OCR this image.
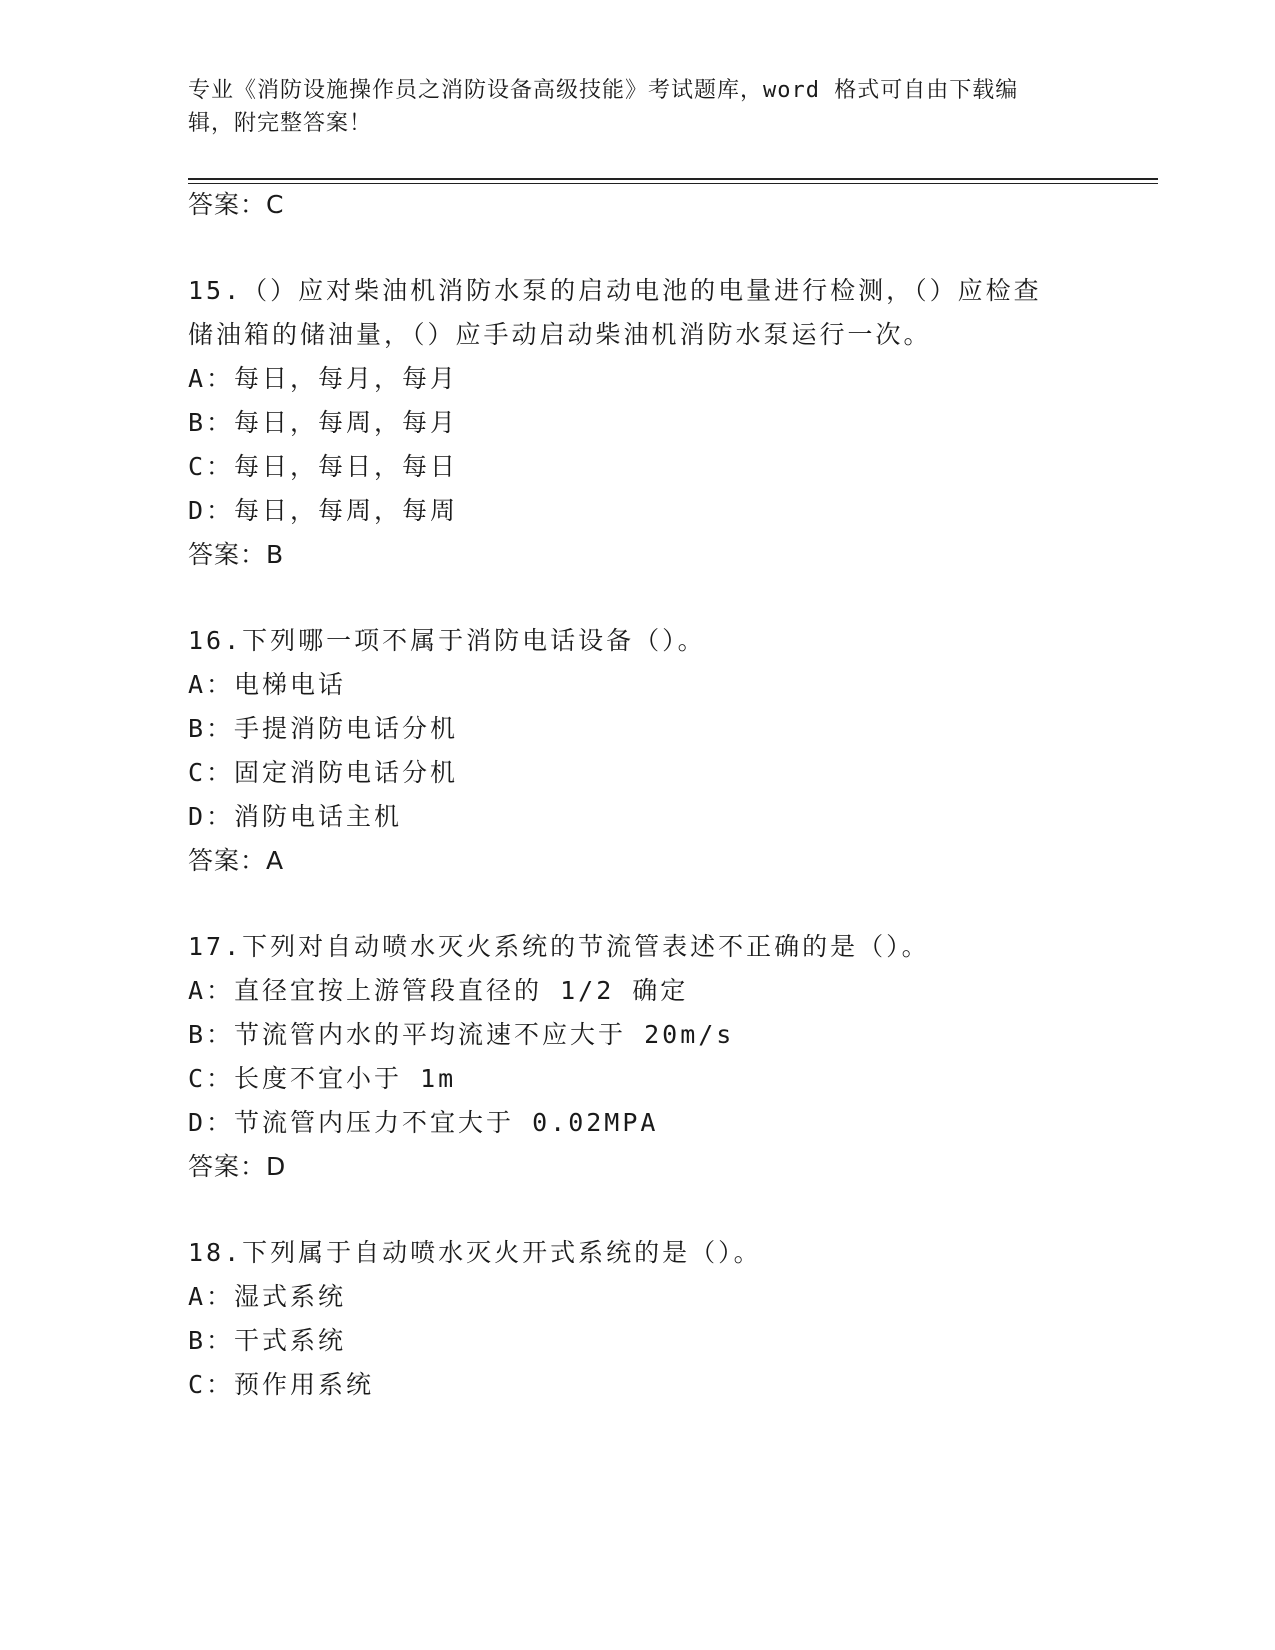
专业《消防设施操作员之消防设备高级技能》考试题库，word 格式可自由下载编
辑，附完整答案！
答案：C
15.（）应对柴油机消防水泵的启动电池的电量进行检测，（）应检查
储油箱的储油量，（）应手动启动柴油机消防水泵运行一次。
A：每日，每月，每月
B：每日，每周，每月
C：每日，每日，每日
D：每日，每周，每周
答案：B
16.下列哪一项不属于消防电话设备（）。
A：电梯电话
B：手提消防电话分机
C：固定消防电话分机
D：消防电话主机
答案：A
17.下列对自动喷水灭火系统的节流管表述不正确的是（）。
A：直径宜按上游管段直径的 1/2 确定
B：节流管内水的平均流速不应大于 20m/s
C：长度不宜小于 1m
D：节流管内压力不宜大于 0.02MPA
答案：D
18.下列属于自动喷水灭火开式系统的是（）。
A：湿式系统
B：干式系统
C：预作用系统
